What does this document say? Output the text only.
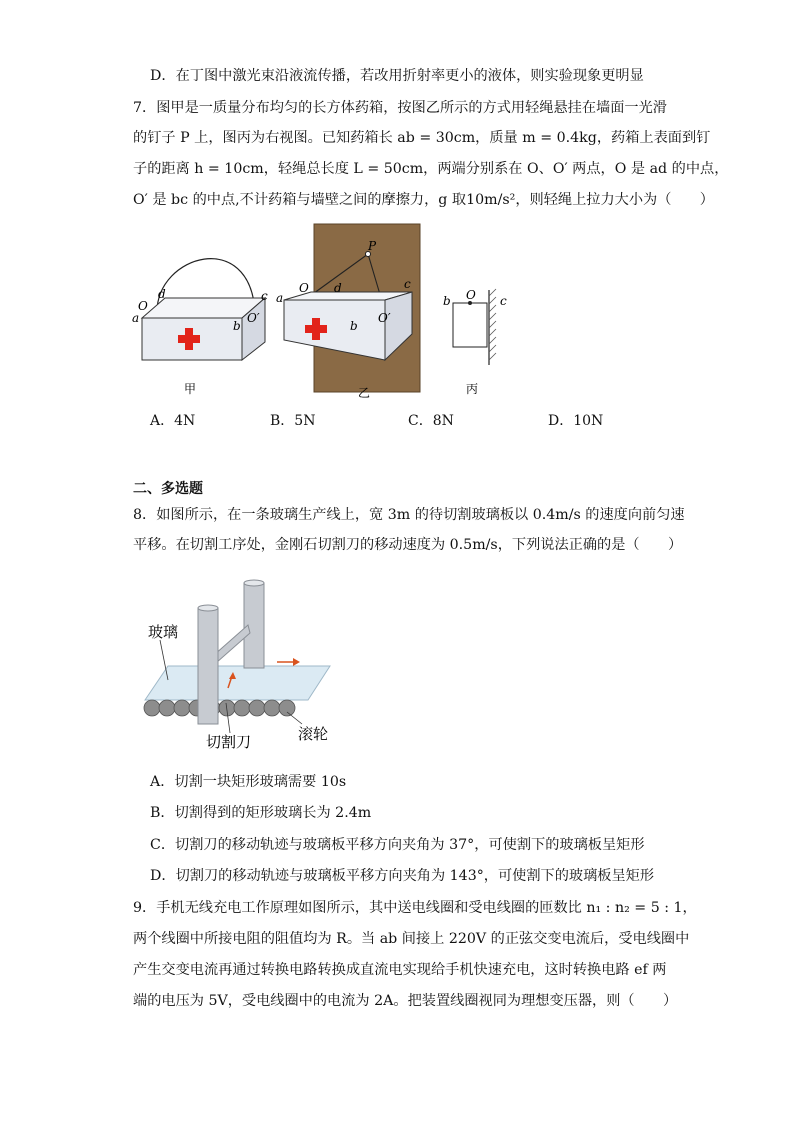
D．在丁图中激光束沿液流传播，若改用折射率更小的液体，则实验现象更明显
7．图甲是一质量分布均匀的长方体药箱，按图乙所示的方式用轻绳悬挂在墙面一光滑
的钉子 P 上，图丙为右视图。已知药箱长 ab = 30cm，质量 m = 0.4kg，药箱上表面到钉
子的距离 h = 10cm，轻绳总长度 L = 50cm，两端分别系在 O、O′ 两点，O 是 ad 的中点，
O′ 是 bc 的中点,不计药箱与墙壁之间的摩擦力，g 取10m/s²，则轻绳上拉力大小为（　　）
O
d
a
b
c
O′
甲
P
O
a
d
b
c
O′
乙
O
b	c
丙
A．4N	B．5N	C．8N	D．10N
二、多选题
8．如图所示，在一条玻璃生产线上，宽 3m 的待切割玻璃板以 0.4m/s 的速度向前匀速
平移。在切割工序处，金刚石切割刀的移动速度为 0.5m/s，下列说法正确的是（　　）
玻璃
切割刀	滚轮
A．切割一块矩形玻璃需要 10s
B．切割得到的矩形玻璃长为 2.4m
C．切割刀的移动轨迹与玻璃板平移方向夹角为 37°，可使割下的玻璃板呈矩形
D．切割刀的移动轨迹与玻璃板平移方向夹角为 143°，可使割下的玻璃板呈矩形
9．手机无线充电工作原理如图所示，其中送电线圈和受电线圈的匝数比 n₁ : n₂ = 5 : 1，
两个线圈中所接电阻的阻值均为 R。当 ab 间接上 220V 的正弦交变电流后，受电线圈中
产生交变电流再通过转换电路转换成直流电实现给手机快速充电，这时转换电路 ef 两
端的电压为 5V，受电线圈中的电流为 2A。把装置线圈视同为理想变压器，则（　　）
